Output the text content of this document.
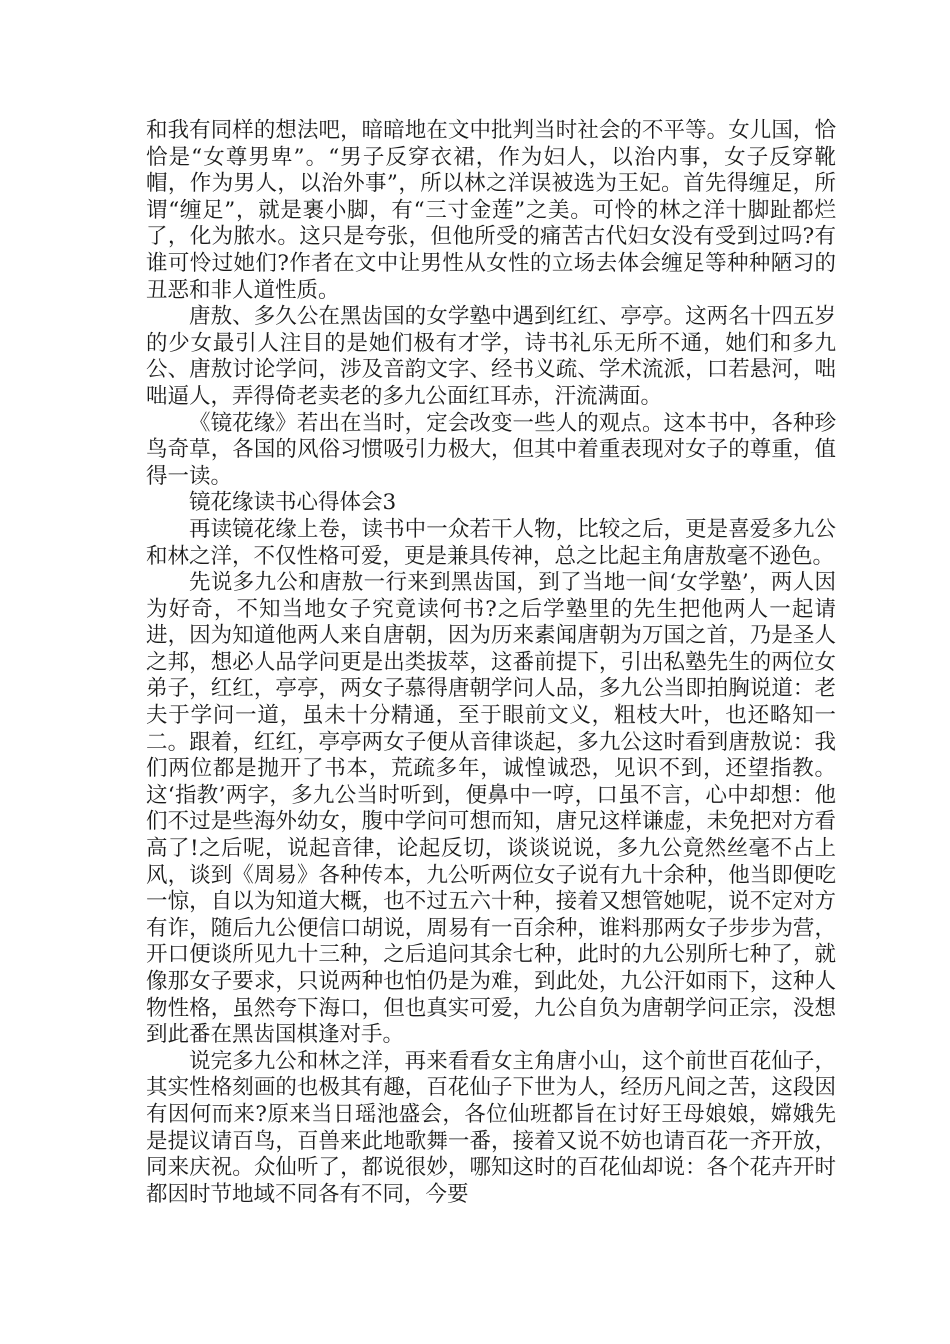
和我有同样的想法吧，暗暗地在文中批判当时社会的不平等。女儿国，恰恰是“女尊男卑”。“男子反穿衣裙，作为妇人，以治内事，女子反穿靴帽，作为男人，以治外事”，所以林之洋误被选为王妃。首先得缠足，所谓“缠足”，就是裹小脚，有“三寸金莲”之美。可怜的林之洋十脚趾都烂了，化为脓水。这只是夸张，但他所受的痛苦古代妇女没有受到过吗?有谁可怜过她们?作者在文中让男性从女性的立场去体会缠足等种种陋习的丑恶和非人道性质。

唐敖、多久公在黑齿国的女学塾中遇到红红、亭亭。这两名十四五岁的少女最引人注目的是她们极有才学，诗书礼乐无所不通，她们和多九公、唐敖讨论学问，涉及音韵文字、经书义疏、学术流派，口若悬河，咄咄逼人，弄得倚老卖老的多九公面红耳赤，汗流满面。

《镜花缘》若出在当时，定会改变一些人的观点。这本书中，各种珍鸟奇草，各国的风俗习惯吸引力极大，但其中着重表现对女子的尊重，值得一读。

镜花缘读书心得体会3

再读镜花缘上卷，读书中一众若干人物，比较之后，更是喜爱多九公和林之洋，不仅性格可爱，更是兼具传神，总之比起主角唐敖毫不逊色。

先说多九公和唐敖一行来到黑齿国，到了当地一间‘女学塾’，两人因为好奇，不知当地女子究竟读何书?之后学塾里的先生把他两人一起请进，因为知道他两人来自唐朝，因为历来素闻唐朝为万国之首，乃是圣人之邦，想必人品学问更是出类拔萃，这番前提下，引出私塾先生的两位女弟子，红红，亭亭，两女子慕得唐朝学问人品，多九公当即拍胸说道：老夫于学问一道，虽未十分精通，至于眼前文义，粗枝大叶，也还略知一二。跟着，红红，亭亭两女子便从音律谈起，多九公这时看到唐敖说：我们两位都是抛开了书本，荒疏多年，诚惶诚恐，见识不到，还望指教。这‘指教’两字，多九公当时听到，便鼻中一哼，口虽不言，心中却想：他们不过是些海外幼女，腹中学问可想而知，唐兄这样谦虚，未免把对方看高了!之后呢，说起音律，论起反切，谈谈说说，多九公竟然丝毫不占上风，谈到《周易》各种传本，九公听两位女子说有九十余种，他当即便吃一惊，自以为知道大概，也不过五六十种，接着又想管她呢，说不定对方有诈，随后九公便信口胡说，周易有一百余种，谁料那两女子步步为营，开口便谈所见九十三种，之后追问其余七种，此时的九公别所七种了，就像那女子要求，只说两种也怕仍是为难，到此处，九公汗如雨下，这种人物性格，虽然夸下海口，但也真实可爱，九公自负为唐朝学问正宗，没想到此番在黑齿国棋逢对手。

说完多九公和林之洋，再来看看女主角唐小山，这个前世百花仙子，其实性格刻画的也极其有趣，百花仙子下世为人，经历凡间之苦，这段因有因何而来?原来当日瑶池盛会，各位仙班都旨在讨好王母娘娘，嫦娥先是提议请百鸟，百兽来此地歌舞一番，接着又说不妨也请百花一齐开放，同来庆祝。众仙听了，都说很妙，哪知这时的百花仙却说：各个花卉开时都因时节地域不同各有不同，今要
